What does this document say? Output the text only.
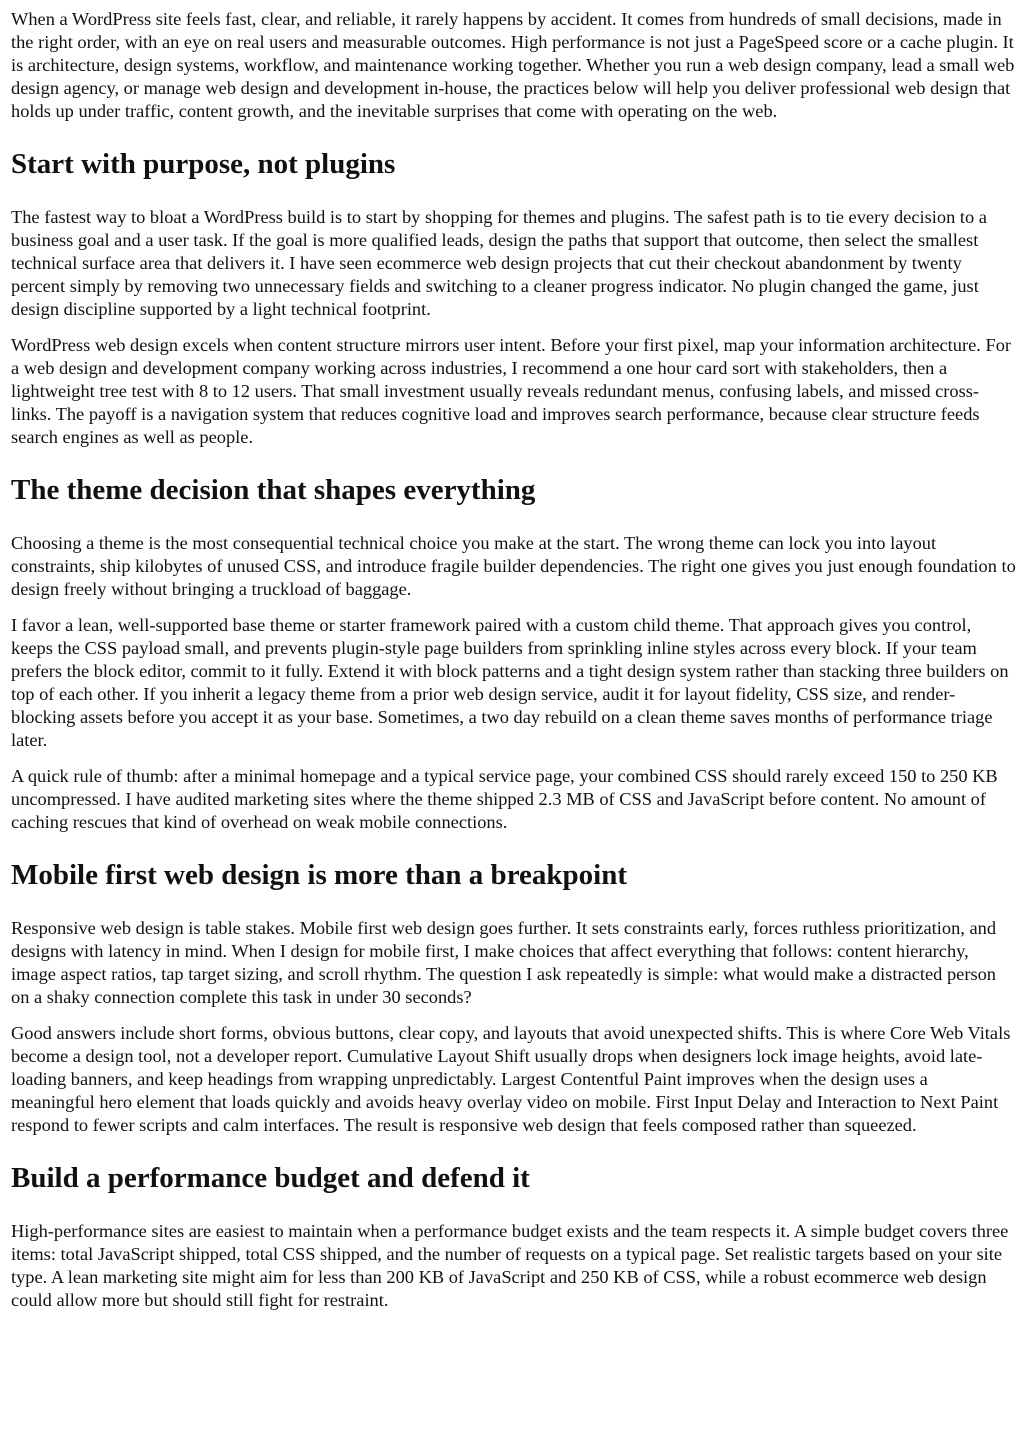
When a WordPress site feels fast, clear, and reliable, it rarely happens by accident. It comes from hundreds of small decisions, made in the right order, with an eye on real users and measurable outcomes. High performance is not just a PageSpeed score or a cache plugin. It is architecture, design systems, workflow, and maintenance working together. Whether you run a web design company, lead a small web design agency, or manage web design and development in-house, the practices below will help you deliver professional web design that holds up under traffic, content growth, and the inevitable surprises that come with operating on the web.

Start with purpose, not plugins

The fastest way to bloat a WordPress build is to start by shopping for themes and plugins. The safest path is to tie every decision to a business goal and a user task. If the goal is more qualified leads, design the paths that support that outcome, then select the smallest technical surface area that delivers it. I have seen ecommerce web design projects that cut their checkout abandonment by twenty percent simply by removing two unnecessary fields and switching to a cleaner progress indicator. No plugin changed the game, just design discipline supported by a light technical footprint.

WordPress web design excels when content structure mirrors user intent. Before your first pixel, map your information architecture. For a web design and development company working across industries, I recommend a one hour card sort with stakeholders, then a lightweight tree test with 8 to 12 users. That small investment usually reveals redundant menus, confusing labels, and missed cross-links. The payoff is a navigation system that reduces cognitive load and improves search performance, because clear structure feeds search engines as well as people.

The theme decision that shapes everything

Choosing a theme is the most consequential technical choice you make at the start. The wrong theme can lock you into layout constraints, ship kilobytes of unused CSS, and introduce fragile builder dependencies. The right one gives you just enough foundation to design freely without bringing a truckload of baggage.

I favor a lean, well-supported base theme or starter framework paired with a custom child theme. That approach gives you control, keeps the CSS payload small, and prevents plugin-style page builders from sprinkling inline styles across every block. If your team prefers the block editor, commit to it fully. Extend it with block patterns and a tight design system rather than stacking three builders on top of each other. If you inherit a legacy theme from a prior web design service, audit it for layout fidelity, CSS size, and render-blocking assets before you accept it as your base. Sometimes, a two day rebuild on a clean theme saves months of performance triage later.

A quick rule of thumb: after a minimal homepage and a typical service page, your combined CSS should rarely exceed 150 to 250 KB uncompressed. I have audited marketing sites where the theme shipped 2.3 MB of CSS and JavaScript before content. No amount of caching rescues that kind of overhead on weak mobile connections.

Mobile first web design is more than a breakpoint

Responsive web design is table stakes. Mobile first web design goes further. It sets constraints early, forces ruthless prioritization, and designs with latency in mind. When I design for mobile first, I make choices that affect everything that follows: content hierarchy, image aspect ratios, tap target sizing, and scroll rhythm. The question I ask repeatedly is simple: what would make a distracted person on a shaky connection complete this task in under 30 seconds?

Good answers include short forms, obvious buttons, clear copy, and layouts that avoid unexpected shifts. This is where Core Web Vitals become a design tool, not a developer report. Cumulative Layout Shift usually drops when designers lock image heights, avoid late-loading banners, and keep headings from wrapping unpredictably. Largest Contentful Paint improves when the design uses a meaningful hero element that loads quickly and avoids heavy overlay video on mobile. First Input Delay and Interaction to Next Paint respond to fewer scripts and calm interfaces. The result is responsive web design that feels composed rather than squeezed.

Build a performance budget and defend it

High-performance sites are easiest to maintain when a performance budget exists and the team respects it. A simple budget covers three items: total JavaScript shipped, total CSS shipped, and the number of requests on a typical page. Set realistic targets based on your site type. A lean marketing site might aim for less than 200 KB of JavaScript and 250 KB of CSS, while a robust ecommerce web design could allow more but should still fight for restraint.
